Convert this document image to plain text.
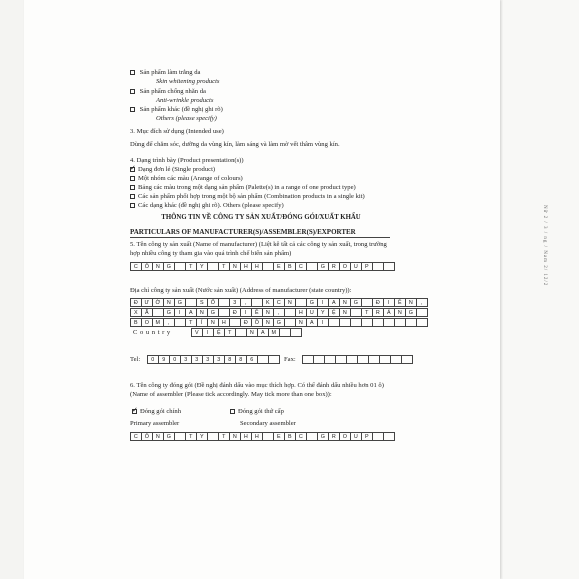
Nữ 2 / 3 / ng / Nam 2/ 12/2
Sản phẩm làm trắng da
Skin whitening products
Sản phẩm chống nhăn da
Anti-wrinkle products
Sản phẩm khác (đề nghị ghi rõ)
Others (please specify)
3. Mục đích sử dụng (Intended use)
Dùng để chăm sóc, dưỡng da vùng kín, làm sáng và làm mờ vết thâm vùng kín.
4. Dạng trình bày (Product presentation(s))
✓Dạng đơn lẻ (Single product)
Một nhóm các màu (Arange of colours)
Bảng các màu trong một dạng sản phẩm (Palette(s) in a range of one product type)
Các sản phẩm phối hợp trong một bộ sản phẩm (Combination products in a single kit)
Các dạng khác (đề nghị ghi rõ). Others (please specify)
THÔNG TIN VỀ CÔNG TY SẢN XUẤT/ĐÓNG GÓI/XUẤT KHẨU
PARTICULARS OF MANUFACTURER(S)/ASSEMBLER(S)/EXPORTER
5. Tên công ty sản xuất (Name of manufacturer) (Liệt kê tất cả các công ty sản xuất, trong trường
hợp nhiều công ty tham gia vào quá trình chế biến sản phẩm)
C	Ô	N	G	T	Y	T	N	H	H	E	B	C	G	R	O	U	P
Địa chỉ công ty sản xuất (Nước sản xuất) (Address of manufacturer (state country)):
Đ	Ư	Ờ	N	G	S	Ố	3	,	K	C	N	G	I	A	N	G	Đ	I	Ề	N	,
X	Ã	G	I	A	N	G	Đ	I	Ề	N	,	H	U	Y	Ệ	N	T	R	Ả	N	G
B	O	M	,	T	Ỉ	N	H	Đ	Ồ	N	G	N	A	I
Country	V	I	Ệ	T	N	A	M
Tel:	0	9	0	3	3	3	3	8	8	6	Fax:
6. Tên công ty đóng gói (Đề nghị đánh dấu vào mục thích hợp. Có thể đánh dấu nhiều hơn 01 ô)
(Name of assembler (Please tick accordingly. May tick more than one box)):
✓Đóng gói chính	Đóng gói thứ cấp
Primary assembler	Secondary assembler
C	Ô	N	G	T	Y	T	N	H	H	E	B	C	G	R	O	U	P
